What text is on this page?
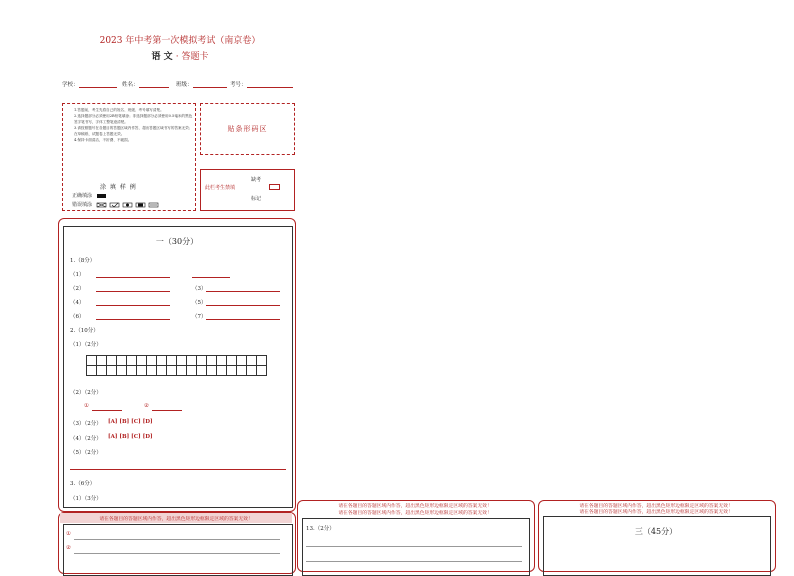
2023 年中考第一次模拟考试（南京卷）
语 文 · 答题卡
学校：	姓名：	班级：	考号：
1.答题前，考生先将自己的姓名、班级、考号填写清楚。
2.选择题部分必须使用2B铅笔填涂；非选择题部分必须使用0.5毫米的黑色签字笔书写，字体工整笔迹清楚。
3.请按照题号在各题目的答题区域内作答，超出答题区域书写的答案无效；在草稿纸、试题卷上答题无效。
4.保持卡面清洁，不折叠、不破损。
涂 填 样 例
正确填涂
错误填涂
贴条形码区
缺考
此栏考生禁填
标记
一（30分）
1.（8分）
（1）
（2）	（3）
（4）	（5）
（6）	（7）
2.（10分）
（1）（2分）
（2）（2分）
①	②
（3）（2分） [A] [B] [C] [D]
（4）（2分） [A] [B] [C] [D]
（5）（2分）
3.（6分）
（1）（3分）
请在各题目的答题区域内作答，超出黑色矩形边框限定区域的答案无效！
①
②
请在各题目的答题区域内作答，超出黑色矩形边框限定区域的答案无效！
请在各题目的答题区域内作答，超出黑色矩形边框限定区域的答案无效！
13.（2分）
请在各题目的答题区域内作答，超出黑色矩形边框限定区域的答案无效！
请在各题目的答题区域内作答，超出黑色矩形边框限定区域的答案无效！
三（45分）
